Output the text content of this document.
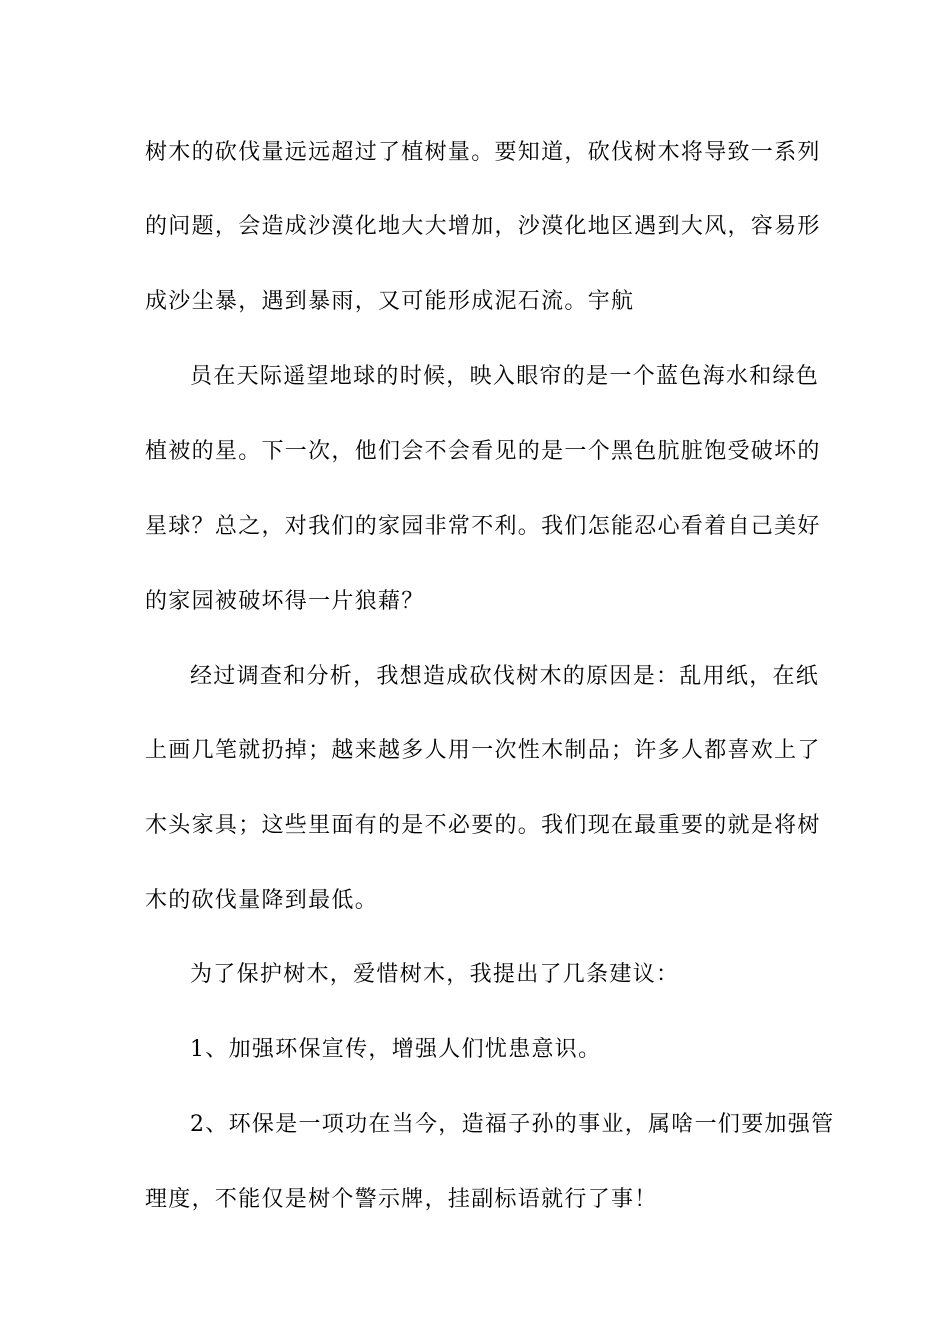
树木的砍伐量远远超过了植树量。要知道，砍伐树木将导致一系列
的问题，会造成沙漠化地大大增加，沙漠化地区遇到大风，容易形
成沙尘暴，遇到暴雨，又可能形成泥石流。宇航
员在天际遥望地球的时候，映入眼帘的是一个蓝色海水和绿色
植被的星。下一次，他们会不会看见的是一个黑色肮脏饱受破坏的
星球？总之，对我们的家园非常不利。我们怎能忍心看着自己美好
的家园被破坏得一片狼藉？
经过调查和分析，我想造成砍伐树木的原因是：乱用纸，在纸
上画几笔就扔掉；越来越多人用一次性木制品；许多人都喜欢上了
木头家具；这些里面有的是不必要的。我们现在最重要的就是将树
木的砍伐量降到最低。
为了保护树木，爱惜树木，我提出了几条建议：
1、加强环保宣传，增强人们忧患意识。
2、环保是一项功在当今，造福子孙的事业，属啥一们要加强管
理度，不能仅是树个警示牌，挂副标语就行了事！
